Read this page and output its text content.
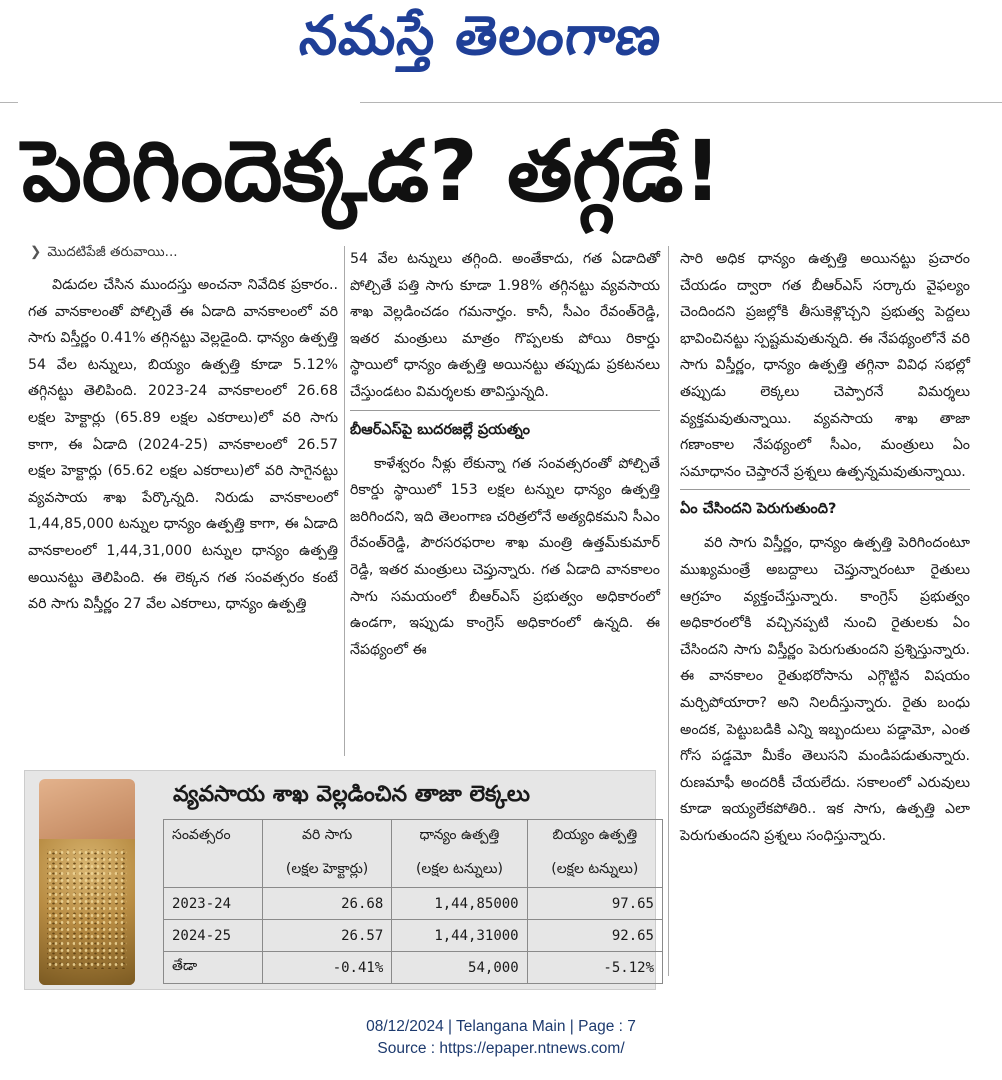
నమస్తే తెలంగాణ
పెరిగిందెక్కడ? తగ్గడే!
❯ మొదటిపేజీ తరువాయి...

విడుదల చేసిన ముందస్తు అంచనా నివేదిక ప్రకారం.. గత వానకాలంతో పోల్చితే ఈ ఏడాది వానకాలంలో వరి సాగు విస్తీర్ణం 0.41% తగ్గినట్టు వెల్లడైంది. ధాన్యం ఉత్పత్తి 54 వేల టన్నులు, బియ్యం ఉత్పత్తి కూడా 5.12% తగ్గినట్టు తెలిపింది. 2023-24 వానకాలంలో 26.68 లక్షల హెక్టార్లు (65.89 లక్షల ఎకరాలు)లో వరి సాగు కాగా, ఈ ఏడాది (2024-25) వానకాలంలో 26.57 లక్షల హెక్టార్లు (65.62 లక్షల ఎకరాలు)లో వరి సాగైనట్టు వ్యవసాయ శాఖ పేర్కొన్నది. నిరుడు వానకాలంలో 1,44,85,000 టన్నుల ధాన్యం ఉత్పత్తి కాగా, ఈ ఏడాది వానకాలంలో 1,44,31,000 టన్నుల ధాన్యం ఉత్పత్తి అయినట్టు తెలిపింది. ఈ లెక్కన గత సంవత్సరం కంటే వరి సాగు విస్తీర్ణం 27 వేల ఎకరాలు, ధాన్యం ఉత్పత్తి

54 వేల టన్నులు తగ్గింది. అంతేకాదు, గత ఏడాదితో పోల్చితే పత్తి సాగు కూడా 1.98% తగ్గినట్టు వ్యవసాయ శాఖ వెల్లడించడం గమనార్హం. కానీ, సీఎం రేవంత్‌రెడ్డి, ఇతర మంత్రులు మాత్రం గొప్పలకు పోయి రికార్డు స్థాయిలో ధాన్యం ఉత్పత్తి అయినట్టు తప్పుడు ప్రకటనలు చేస్తుండటం విమర్శలకు తావిస్తున్నది.

బీఆర్‌ఎస్‌పై బుదరజల్లే ప్రయత్నం

కాళేశ్వరం నీళ్లు లేకున్నా గత సంవత్సరంతో పోల్చితే రికార్డు స్థాయిలో 153 లక్షల టన్నుల ధాన్యం ఉత్పత్తి జరిగిందని, ఇది తెలంగాణ చరిత్రలోనే అత్యధికమని సీఎం రేవంత్‌రెడ్డి, పౌరసరఫరాల శాఖ మంత్రి ఉత్తమ్‌కుమార్ రెడ్డి, ఇతర మంత్రులు చెప్తున్నారు. గత ఏడాది వానకాలం సాగు సమయంలో బీఆర్‌ఎస్ ప్రభుత్వం అధికారంలో ఉండగా, ఇప్పుడు కాంగ్రెస్ అధికారంలో ఉన్నది. ఈ నేపథ్యంలో ఈ

సారి అధిక ధాన్యం ఉత్పత్తి అయినట్టు ప్రచారం చేయడం ద్వారా గత బీఆర్‌ఎస్ సర్కారు వైఫల్యం చెందిందని ప్రజల్లోకి తీసుకెళ్లొచ్చని ప్రభుత్వ పెద్దలు భావించినట్టు స్పష్టమవుతున్నది. ఈ నేపథ్యంలోనే వరి సాగు విస్తీర్ణం, ధాన్యం ఉత్పత్తి తగ్గినా వివిధ సభల్లో తప్పుడు లెక్కలు చెప్పారనే విమర్శలు వ్యక్తమవుతున్నాయి. వ్యవసాయ శాఖ తాజా గణాంకాల నేపథ్యంలో సీఎం, మంత్రులు ఏం సమాధానం చెప్తారనే ప్రశ్నలు ఉత్పన్నమవుతున్నాయి.

ఏం చేసిందని పెరుగుతుంది?

వరి సాగు విస్తీర్ణం, ధాన్యం ఉత్పత్తి పెరిగిందంటూ ముఖ్యమంత్రే అబద్దాలు చెప్తున్నారంటూ రైతులు ఆగ్రహం వ్యక్తంచేస్తున్నారు. కాంగ్రెస్ ప్రభుత్వం అధికారంలోకి వచ్చినప్పటి నుంచి రైతులకు ఏం చేసిందని సాగు విస్తీర్ణం పెరుగుతుందని ప్రశ్నిస్తున్నారు. ఈ వానకాలం రైతుభరోసాను ఎగ్గొట్టిన విషయం మర్చిపోయారా? అని నిలదీస్తున్నారు. రైతు బంధు అందక, పెట్టుబడికి ఎన్ని ఇబ్బందులు పడ్డామో, ఎంత గోస పడ్డమో మీకేం తెలుసని మండిపడుతున్నారు. రుణమాఫీ అందరికీ చేయలేదు. సకాలంలో ఎరువులు కూడా ఇయ్యలేకపోతిరి.. ఇక సాగు, ఉత్పత్తి ఎలా పెరుగుతుందని ప్రశ్నలు సంధిస్తున్నారు.

వ్యవసాయ శాఖ వెల్లడించిన తాజా లెక్కలు
సంవత్సరం	వరి సాగు	ధాన్యం ఉత్పత్తి	బియ్యం ఉత్పత్తి
	(లక్షల హెక్టార్లు)	(లక్షల టన్నులు)	(లక్షల టన్నులు)
2023-24	26.68	1,44,85000	97.65
2024-25	26.57	1,44,31000	92.65
తేడా	-0.41%	54,000	-5.12%
08/12/2024 | Telangana Main | Page : 7
Source : https://epaper.ntnews.com/
